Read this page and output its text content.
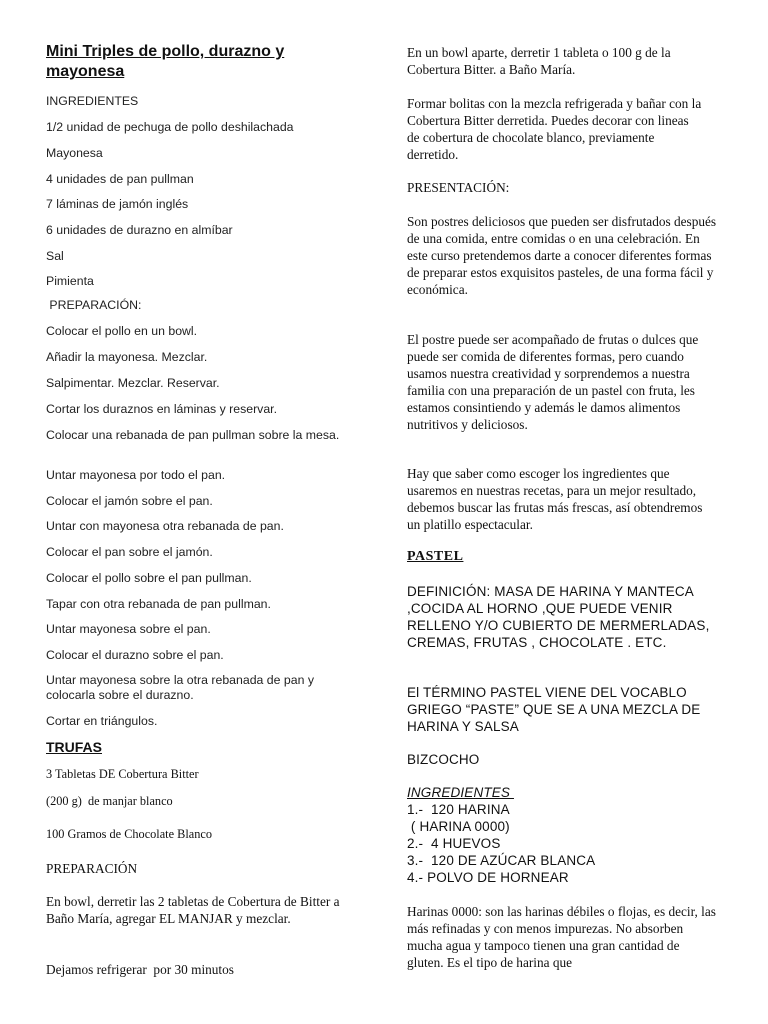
Mini Triples de pollo, durazno y mayonesa

INGREDIENTES

1/2 unidad de pechuga de pollo deshilachada

Mayonesa

4 unidades de pan pullman

7 láminas de jamón inglés

6 unidades de durazno en almíbar

Sal

Pimienta

PREPARACIÓN:

Colocar el pollo en un bowl.

Añadir la mayonesa. Mezclar.

Salpimentar. Mezclar. Reservar.

Cortar los duraznos en láminas y reservar.

Colocar una rebanada de pan pullman sobre la mesa.

Untar mayonesa por todo el pan.

Colocar el jamón sobre el pan.

Untar con mayonesa otra rebanada de pan.

Colocar el pan sobre el jamón.

Colocar el pollo sobre el pan pullman.

Tapar con otra rebanada de pan pullman.

Untar mayonesa sobre el pan.

Colocar el durazno sobre el pan.

Untar mayonesa sobre la otra rebanada de pan y colocarla sobre el durazno.

Cortar en triángulos.

TRUFAS

3 Tabletas DE Cobertura Bitter

(200 g)  de manjar blanco

100 Gramos de Chocolate Blanco

PREPARACIÓN

En bowl, derretir las 2 tabletas de Cobertura de Bitter a Baño María, agregar EL MANJAR y mezclar.

Dejamos refrigerar  por 30 minutos

En un bowl aparte, derretir 1 tableta o 100 g de la Cobertura Bitter. a Baño María.

Formar bolitas con la mezcla refrigerada y bañar con la Cobertura Bitter derretida. Puedes decorar con lineas de cobertura de chocolate blanco, previamente derretido.

PRESENTACIÓN:

Son postres deliciosos que pueden ser disfrutados después de una comida, entre comidas o en una celebración. En este curso pretendemos darte a conocer diferentes formas de preparar estos exquisitos pasteles, de una forma fácil y económica.

El postre puede ser acompañado de frutas o dulces que puede ser comida de diferentes formas, pero cuando usamos nuestra creatividad y sorprendemos a nuestra familia con una preparación de un pastel con fruta, les estamos consintiendo y además le damos alimentos nutritivos y deliciosos.

Hay que saber como escoger los ingredientes que usaremos en nuestras recetas, para un mejor resultado, debemos buscar las frutas más frescas, así obtendremos un platillo espectacular.

PASTEL

DEFINICIÓN: MASA DE HARINA Y MANTECA ,COCIDA AL HORNO ,QUE PUEDE VENIR RELLENO Y/O CUBIERTO DE MERMERLADAS, CREMAS, FRUTAS , CHOCOLATE . ETC.

El TÉRMINO PASTEL VIENE DEL VOCABLO GRIEGO “PASTE” QUE SE A UNA MEZCLA DE HARINA Y SALSA

BIZCOCHO

INGREDIENTES

1.-  120 HARINA

( HARINA 0000)

2.-  4 HUEVOS

3.-  120 DE AZÚCAR BLANCA

4.- POLVO DE HORNEAR

Harinas 0000: son las harinas débiles o flojas, es decir, las más refinadas y con menos impurezas. No absorben mucha agua y tampoco tienen una gran cantidad de gluten. Es el tipo de harina que
